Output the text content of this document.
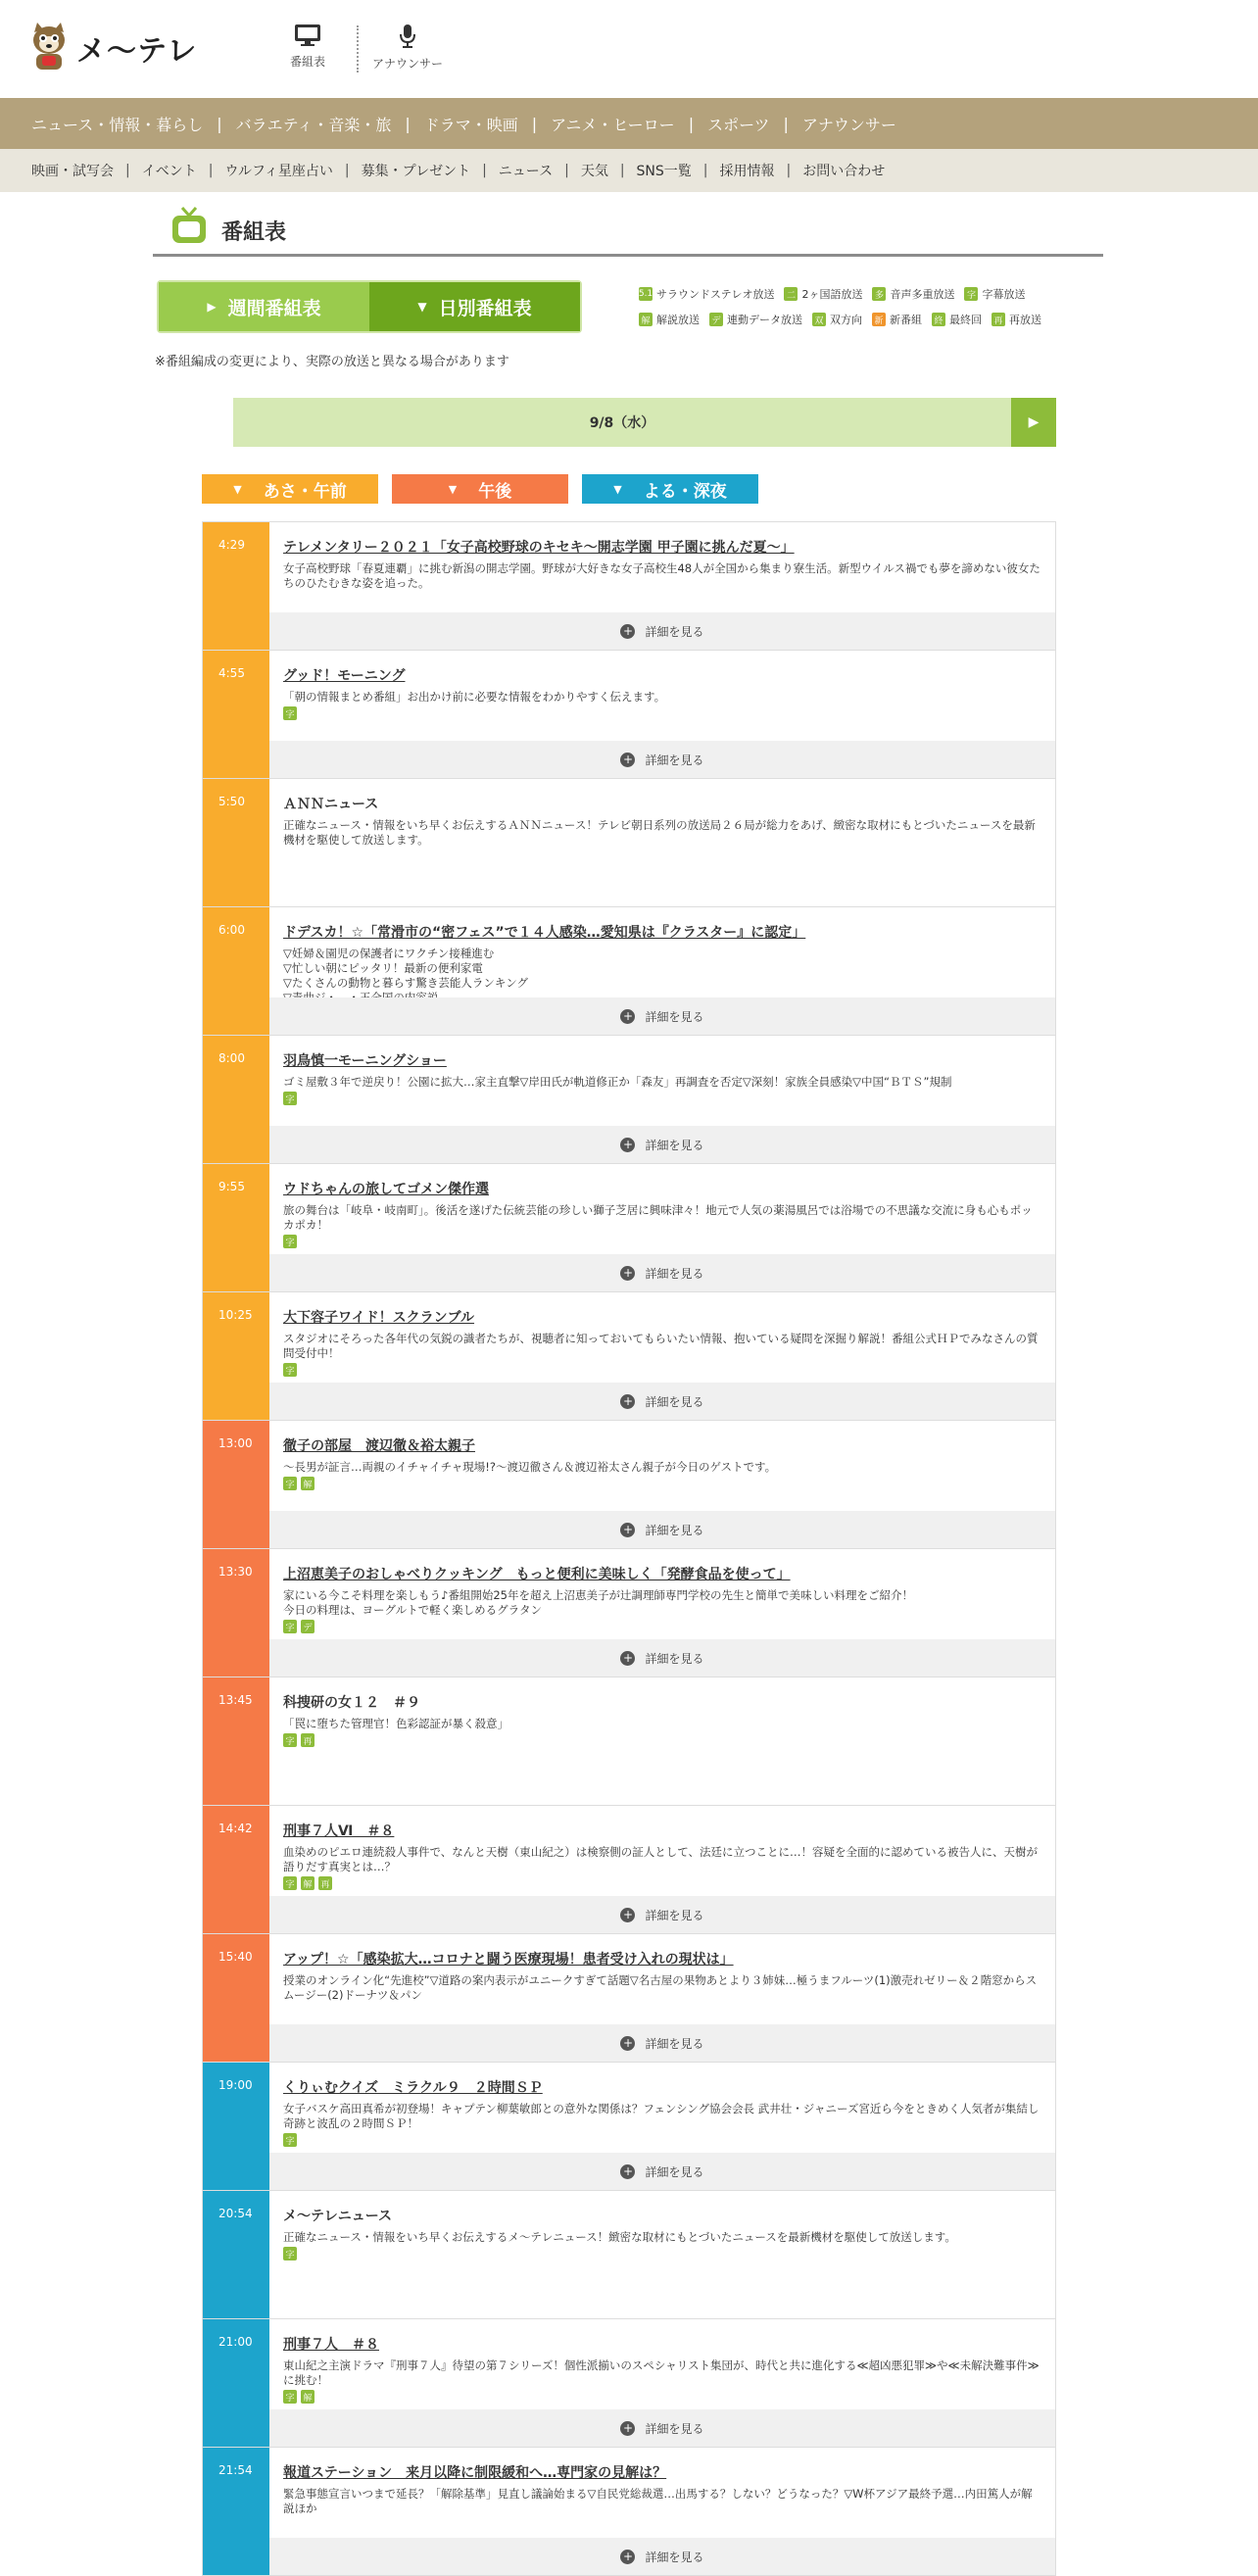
メ～テレ	番組表	アナウンサー
ニュース・情報・暮らし | バラエティ・音楽・旅 | ドラマ・映画 | アニメ・ヒーロー | スポーツ | アナウンサー
映画・試写会 | イベント | ウルフィ星座占い | 募集・プレゼント | ニュース | 天気 | SNS一覧 | 採用情報 | お問い合わせ
番組表
▶ 週間番組表	▼ 日別番組表
5.1 サラウンドステレオ放送 二 2ヶ国語放送 多 音声多重放送 字 字幕放送
解 解説放送 デ 連動データ放送 双 双方向 新 新番組 終 最終回 再 再放送
※番組編成の変更により、実際の放送と異なる場合があります
9/8（水）	▶
▼ あさ・午前	▼ 午後	▼ よる・深夜
4:29	テレメンタリー２０２１「女子高校野球のキセキ～開志学園 甲子園に挑んだ夏～」
女子高校野球「春夏連覇」に挑む新潟の開志学園。野球が大好きな女子高校生48人が全国から集まり寮生活。新型ウイルス禍でも夢を諦めない彼女たちのひたむきな姿を追った。
+ 詳細を見る
4:55	グッド！モーニング
「朝の情報まとめ番組」お出かけ前に必要な情報をわかりやすく伝えます。
字
+ 詳細を見る
5:50	ＡＮＮニュース
正確なニュース・情報をいち早くお伝えするＡＮＮニュース！テレビ朝日系列の放送局２６局が総力をあげ、緻密な取材にもとづいたニュースを最新機材を駆使して放送します。
6:00	ドデスカ！☆「常滑市の“密フェス”で１４人感染…愛知県は『クラスター』に認定」
▽妊婦＆園児の保護者にワクチン接種進む
▽忙しい朝にピッタリ！最新の便利家電
▽たくさんの動物と暮らす驚き芸能人ランキング

+ 詳細を見る
8:00	羽鳥慎一モーニングショー
ゴミ屋敷３年で逆戻り！公園に拡大…家主直撃▽岸田氏が軌道修正か「森友」再調査を否定▽深刻！家族全員感染▽中国“ＢＴＳ”規制
字
+ 詳細を見る
9:55	ウドちゃんの旅してゴメン傑作選
旅の舞台は「岐阜・岐南町」。後活を遂げた伝統芸能の珍しい獅子芝居に興味津々！地元で人気の薬湯風呂では浴場での不思議な交流に身も心もポッカポカ！
字
+ 詳細を見る
10:25	大下容子ワイド！スクランブル
スタジオにそろった各年代の気鋭の識者たちが、視聴者に知っておいてもらいたい情報、抱いている疑問を深掘り解説！番組公式ＨＰでみなさんの質問受付中！
字
+ 詳細を見る
13:00	徹子の部屋　渡辺徹＆裕太親子
～長男が証言…両親のイチャイチャ現場!?～渡辺徹さん＆渡辺裕太さん親子が今日のゲストです。
字 解
+ 詳細を見る
13:30	上沼恵美子のおしゃべりクッキング　もっと便利に美味しく「発酵食品を使って」
家にいる今こそ料理を楽しもう♪番組開始25年を超え上沼恵美子が辻調理師専門学校の先生と簡単で美味しい料理をご紹介！
今日の料理は、ヨーグルトで軽く楽しめるグラタン
字 デ
+ 詳細を見る
13:45	科捜研の女１２　＃９
「罠に堕ちた管理官！色彩認証が暴く殺意」
字 再
14:42	刑事７人Ⅵ　＃８
血染めのピエロ連続殺人事件で、なんと天樹（東山紀之）は検察側の証人として、法廷に立つことに…！容疑を全面的に認めている被告人に、天樹が語りだす真実とは…？
字 解 再
+ 詳細を見る
15:40	アップ！☆「感染拡大…コロナと闘う医療現場！患者受け入れの現状は」
授業のオンライン化“先進校”▽道路の案内表示がユニークすぎて話題▽名古屋の果物あとより３姉妹…極うまフルーツ(1)激売れゼリー＆２階窓からスムージー(2)ドーナツ＆パン
+ 詳細を見る
19:00	くりぃむクイズ　ミラクル９　２時間ＳＰ
女子バスケ高田真希が初登場！キャプテン柳葉敏郎との意外な関係は？フェンシング協会会長 武井壮・ジャニーズ宮近ら今をときめく人気者が集結し奇跡と波乱の２時間ＳＰ！
字
+ 詳細を見る
20:54	メ～テレニュース
正確なニュース・情報をいち早くお伝えするメ～テレニュース！緻密な取材にもとづいたニュースを最新機材を駆使して放送します。
字
21:00	刑事７人　＃８
東山紀之主演ドラマ『刑事７人』待望の第７シリーズ！個性派揃いのスペシャリスト集団が、時代と共に進化する≪超凶悪犯罪≫や≪未解決難事件≫に挑む！
字 解
+ 詳細を見る
21:54	報道ステーション　来月以降に制限緩和へ…専門家の見解は？
緊急事態宣言いつまで延長？「解除基準」見直し議論始まる▽自民党総裁選…出馬する？しない？どうなった？▽W杯アジア最終予選…内田篤人が解説ほか
+ 詳細を見る
